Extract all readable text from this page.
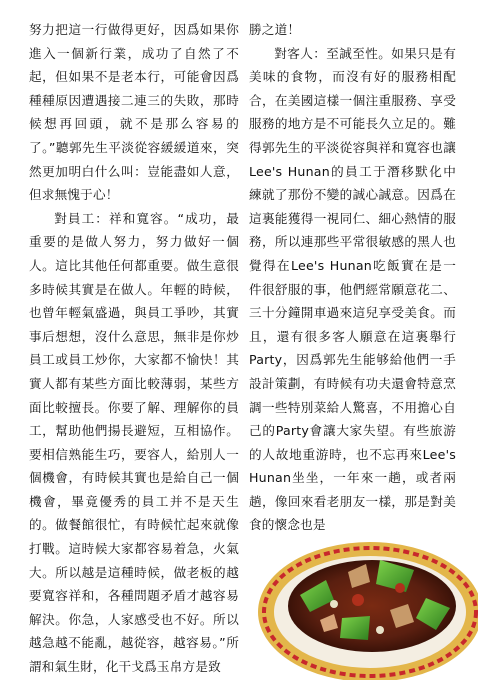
努力把這一行做得更好，因爲如果你進入一個新行業，成功了自然了不起，但如果不是老本行，可能會因爲種種原因遭遇接二連三的失敗，那時候想再回頭，就不是那么容易的了。”聽郭先生平淡從容緩緩道來，突然更加明白什么叫：豈能盡如人意，但求無愧于心！

對員工：祥和寬容。“成功，最重要的是做人努力，努力做好一個人。這比其他任何都重要。做生意很多時候其實是在做人。年輕的時候，也曾年輕氣盛過，與員工爭吵，其實事后想想，沒什么意思，無非是你炒員工或員工炒你，大家都不愉快！其實人都有某些方面比較薄弱，某些方面比較擅長。你要了解、理解你的員工，幫助他們揚長避短，互相協作。要相信熟能生巧，要容人，給別人一個機會，有時候其實也是給自己一個機會，畢竟優秀的員工并不是天生的。做餐館很忙，有時候忙起來就像打戰。這時候大家都容易着急，火氣大。所以越是這種時候，做老板的越要寬容祥和，各種問題矛盾才越容易解決。你急，人家感受也不好。所以越急越不能亂，越從容，越容易。”所謂和氣生財，化干戈爲玉帛方是致

勝之道！

對客人：至誠至性。如果只是有美味的食物，而沒有好的服務相配合，在美國這樣一個注重服務、享受服務的地方是不可能長久立足的。難得郭先生的平淡從容與祥和寬容也讓Lee's Hunan的員工于潛移默化中練就了那份不變的誠心誠意。因爲在這裏能獲得一視同仁、細心熱情的服務，所以連那些平常很敏感的黑人也覺得在Lee's Hunan吃飯實在是一件很舒服的事，他們經常願意花二、三十分鐘開車過來這兒享受美食。而且，還有很多客人願意在這裏舉行Party，因爲郭先生能够給他們一手設計策劃，有時候有功夫還會特意烹調一些特別菜給人驚喜，不用擔心自己的Party會讓大家失望。有些旅游的人故地重游時，也不忘再來Lee's Hunan坐坐，一年來一趟，或者兩趟，像回來看老朋友一樣，那是對美食的懷念也是
